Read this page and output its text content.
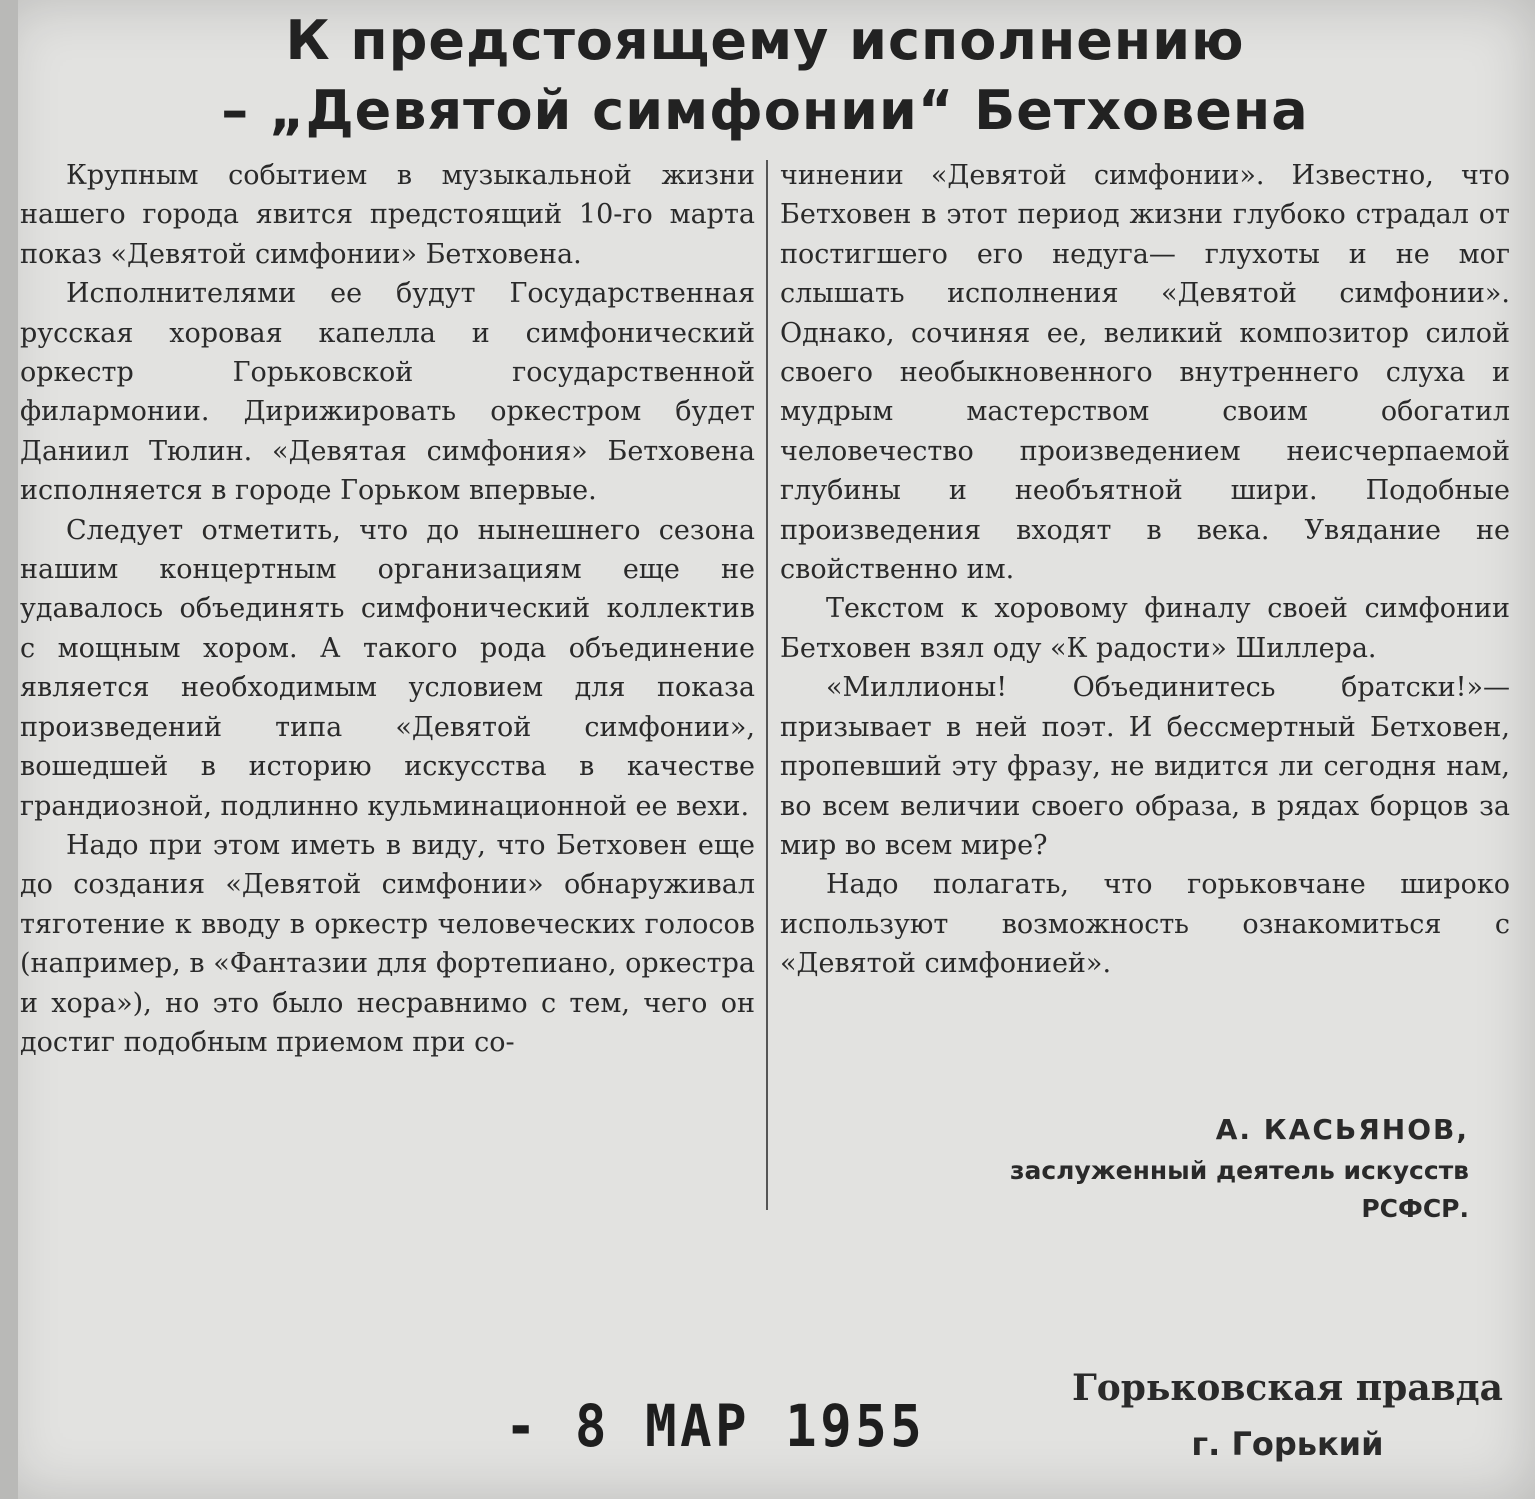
К предстоящему исполнению
– „Девятой симфонии“ Бетховена

Крупным событием в музыкальной жизни нашего города явится предстоящий 10-го марта показ «Девятой симфонии» Бетховена.

Исполнителями ее будут Государственная русская хоровая капелла и симфонический оркестр Горьковской государственной филармонии. Дирижировать оркестром будет Даниил Тюлин. «Девятая симфония» Бетховена исполняется в городе Горьком впервые.

Следует отметить, что до нынешнего сезона нашим концертным организациям еще не удавалось объединять симфонический коллектив с мощным хором. А такого рода объединение является необходимым условием для показа произведений типа «Девятой симфонии», вошедшей в историю искусства в качестве грандиозной, подлинно кульминационной ее вехи.

Надо при этом иметь в виду, что Бетховен еще до создания «Девятой симфонии» обнаруживал тяготение к вводу в оркестр человеческих голосов (например, в «Фантазии для фортепиано, оркестра и хора»), но это было несравнимо с тем, чего он достиг подобным приемом при со-

чинении «Девятой симфонии». Известно, что Бетховен в этот период жизни глубоко страдал от постигшего его недуга— глухоты и не мог слышать исполнения «Девятой симфонии». Однако, сочиняя ее, великий композитор силой своего необыкновенного внутреннего слуха и мудрым мастерством своим обогатил человечество произведением неисчерпаемой глубины и необъятной шири. Подобные произведения входят в века. Увядание не свойственно им.

Текстом к хоровому финалу своей симфонии Бетховен взял оду «К радости» Шиллера.

«Миллионы! Объединитесь братски!»— призывает в ней поэт. И бессмертный Бетховен, пропевший эту фразу, не видится ли сегодня нам, во всем величии своего образа, в рядах борцов за мир во всем мире?

Надо полагать, что горьковчане широко используют возможность ознакомиться с «Девятой симфонией».

А. КАСЬЯНОВ,
заслуженный деятель искусств
РСФСР.
- 8 МАР 1955
Горьковская правда
г. Горький
